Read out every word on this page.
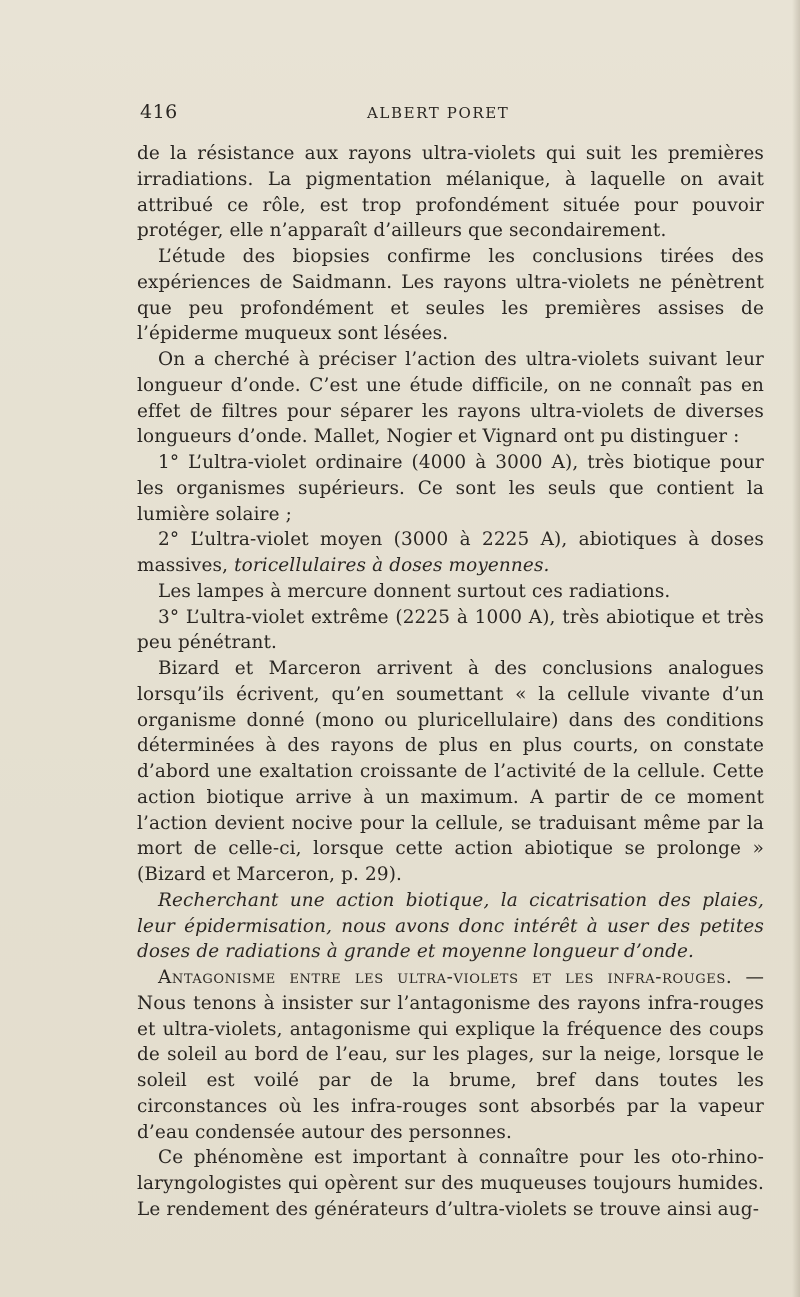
416	ALBERT PORET

de la résistance aux rayons ultra-violets qui suit les premières irradiations. La pigmentation mélanique, à laquelle on avait attribué ce rôle, est trop profondément située pour pouvoir protéger, elle n’apparaît d’ailleurs que secondairement.

L’étude des biopsies confirme les conclusions tirées des expériences de Saidmann. Les rayons ultra-violets ne pénètrent que peu profondément et seules les premières assises de l’épiderme muqueux sont lésées.

On a cherché à préciser l’action des ultra-violets suivant leur longueur d’onde. C’est une étude difficile, on ne connaît pas en effet de filtres pour séparer les rayons ultra-violets de diverses longueurs d’onde. Mallet, Nogier et Vignard ont pu distinguer :

1° L’ultra-violet ordinaire (4000 à 3000 A), très biotique pour les organismes supérieurs. Ce sont les seuls que contient la lumière solaire ;

2° L’ultra-violet moyen (3000 à 2225 A), abiotiques à doses massives, toricellulaires à doses moyennes.

Les lampes à mercure donnent surtout ces radiations.

3° L’ultra-violet extrême (2225 à 1000 A), très abiotique et très peu pénétrant.

Bizard et Marceron arrivent à des conclusions analogues lorsqu’ils écrivent, qu’en soumettant « la cellule vivante d’un organisme donné (mono ou pluricellulaire) dans des conditions déterminées à des rayons de plus en plus courts, on constate d’abord une exaltation croissante de l’activité de la cellule. Cette action biotique arrive à un maximum. A partir de ce moment l’action devient nocive pour la cellule, se traduisant même par la mort de celle-ci, lorsque cette action abiotique se prolonge » (Bizard et Marceron, p. 29).

Recherchant une action biotique, la cicatrisation des plaies, leur épidermisation, nous avons donc intérêt à user des petites doses de radiations à grande et moyenne longueur d’onde.

Antagonisme entre les ultra-violets et les infra-rouges. — Nous tenons à insister sur l’antagonisme des rayons infra-rouges et ultra-violets, antagonisme qui explique la fréquence des coups de soleil au bord de l’eau, sur les plages, sur la neige, lorsque le soleil est voilé par de la brume, bref dans toutes les circonstances où les infra-rouges sont absorbés par la vapeur d’eau condensée autour des personnes.

Ce phénomène est important à connaître pour les oto-rhino-laryngologistes qui opèrent sur des muqueuses toujours humides. Le rendement des générateurs d’ultra-violets se trouve ainsi aug-
